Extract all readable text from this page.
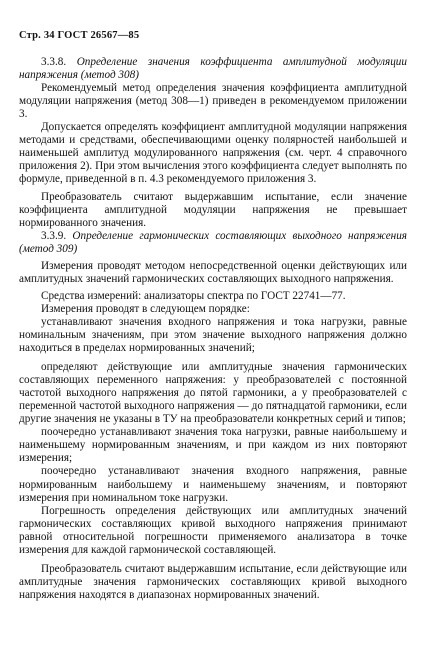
Стр. 34 ГОСТ 26567—85

3.3.8. Определение значения коэффициента амплитудной модуляции напряжения (метод 308)

Рекомендуемый метод определения значения коэффициента амплитудной модуляции напряжения (метод 308—1) приведен в рекомендуемом приложении 3.

Допускается определять коэффициент амплитудной модуляции напряжения методами и средствами, обеспечивающими оценку полярностей наибольшей и наименьшей амплитуд модулированного напряжения (см. черт. 4 справочного приложения 2). При этом вычисления этого коэффициента следует выполнять по формуле, приведенной в п. 4.3 рекомендуемого приложения 3.

Преобразователь считают выдержавшим испытание, если значение коэффициента амплитудной модуляции напряжения не превышает нормированного значения.

3.3.9. Определение гармонических составляющих выходного напряжения (метод 309)

Измерения проводят методом непосредственной оценки действующих или амплитудных значений гармонических составляющих выходного напряжения.

Средства измерений: анализаторы спектра по ГОСТ 22741—77.

Измерения проводят в следующем порядке:

устанавливают значения входного напряжения и тока нагрузки, равные номинальным значениям, при этом значение выходного напряжения должно находиться в пределах нормированных значений;

определяют действующие или амплитудные значения гармонических составляющих переменного напряжения: у преобразователей с постоянной частотой выходного напряжения до пятой гармоники, а у преобразователей с переменной частотой выходного напряжения — до пятнадцатой гармоники, если другие значения не указаны в ТУ на преобразователи конкретных серий и типов;

поочередно устанавливают значения тока нагрузки, равные наибольшему и наименьшему нормированным значениям, и при каждом из них повторяют измерения;

поочередно устанавливают значения входного напряжения, равные нормированным наибольшему и наименьшему значениям, и повторяют измерения при номинальном токе нагрузки.

Погрешность определения действующих или амплитудных значений гармонических составляющих кривой выходного напряжения принимают равной относительной погрешности применяемого анализатора в точке измерения для каждой гармонической составляющей.

Преобразователь считают выдержавшим испытание, если действующие или амплитудные значения гармонических составляющих кривой выходного напряжения находятся в диапазонах нормированных значений.
